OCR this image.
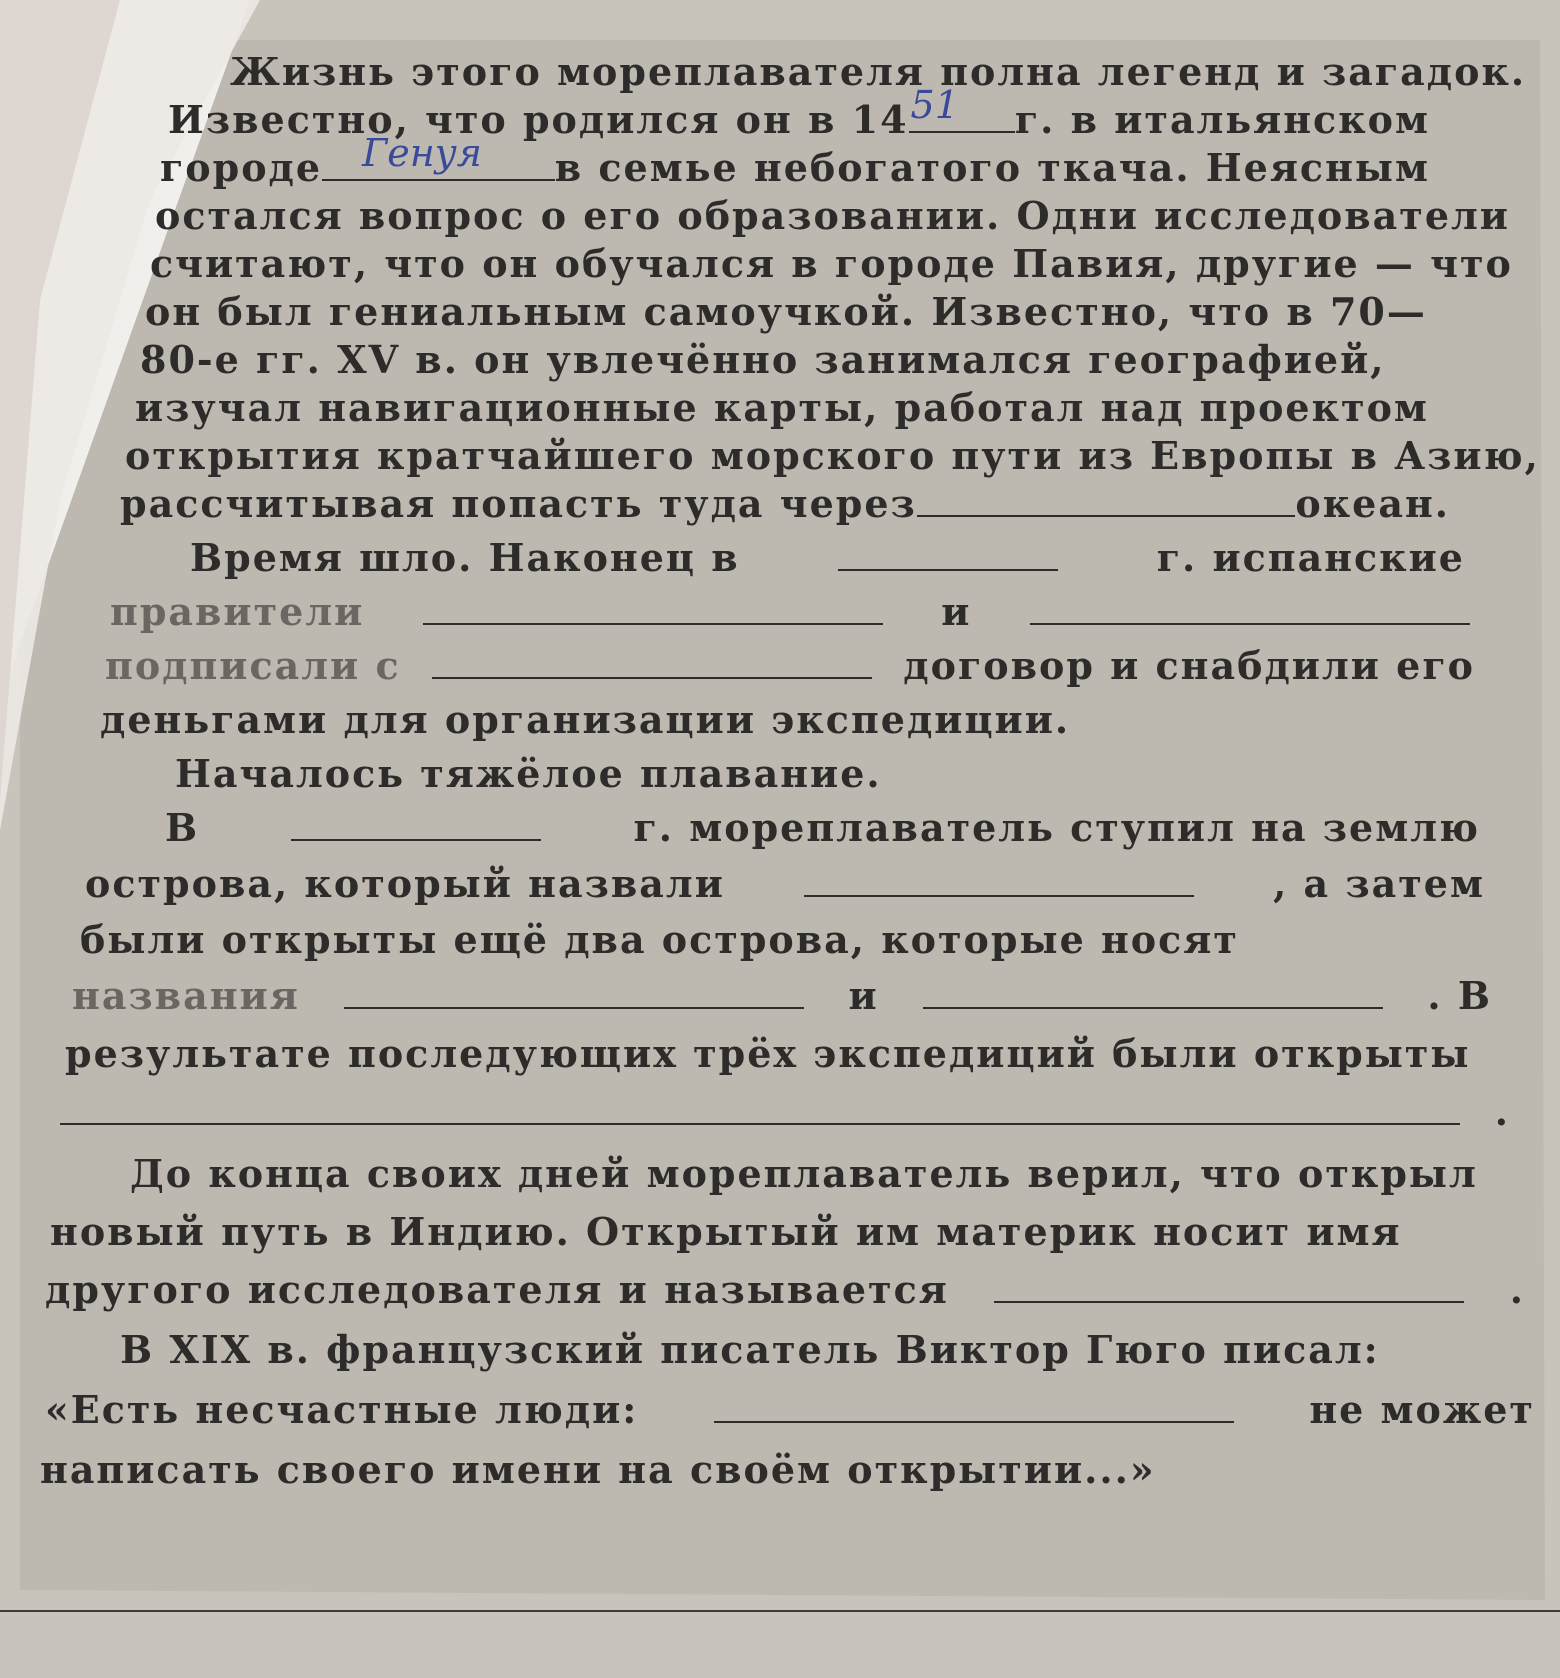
Жизнь этого мореплавателя полна легенд и загадок.
Известно, что родился он в 14 51 г. в итальянском
городе Генуя в семье небогатого ткача. Неясным
остался вопрос о его образовании. Одни исследователи
считают, что он обучался в городе Павия, другие — что
он был гениальным самоучкой. Известно, что в 70—
80-е гг. XV в. он увлечённо занимался географией,
изучал навигационные карты, работал над проектом
открытия кратчайшего морского пути из Европы в Азию,
рассчитывая попасть туда через	океан.
Время шло. Наконец в	г. испанские
правители	и
подписали с	договор и снабдили его
деньгами для организации экспедиции.
Началось тяжёлое плавание.
В	г. мореплаватель ступил на землю
острова, который назвали	, а затем
были открыты ещё два острова, которые носят
названия	и	. В
результате последующих трёх экспедиций были открыты
.
До конца своих дней мореплаватель верил, что открыл
новый путь в Индию. Открытый им материк носит имя
другого исследователя и называется	.
В XIX в. французский писатель Виктор Гюго писал:
«Есть несчастные люди:	не может
написать своего имени на своём открытии...»
